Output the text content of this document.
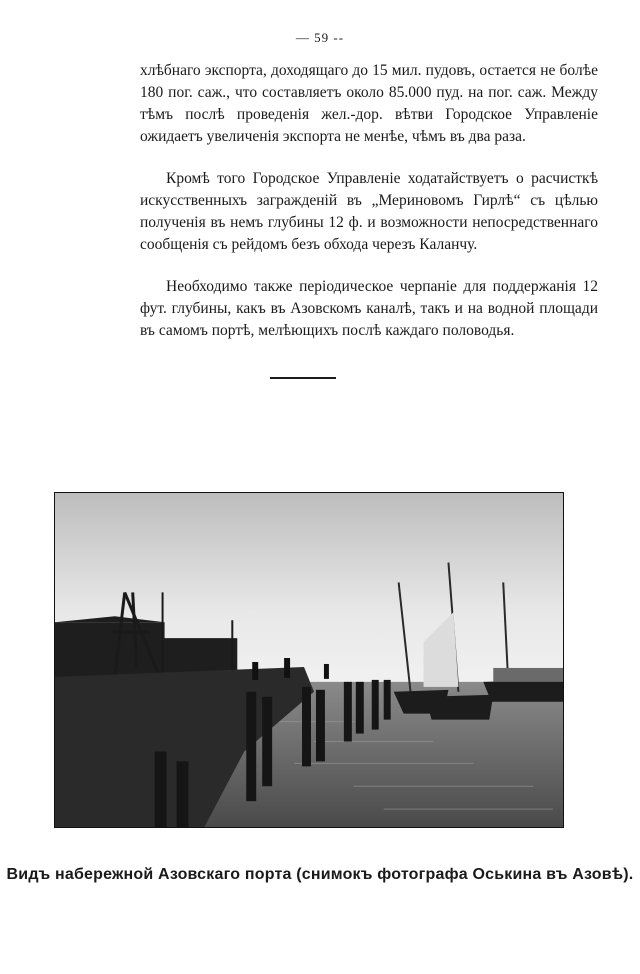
— 59 --

хлѣбнаго экспорта, доходящаго до 15 мил. пудовъ, остается не болѣе 180 пог. саж., что составляетъ около 85.000 пуд. на пог. саж. Между тѣмъ послѣ проведенія жел.-дор. вѣтви Городское Управленіе ожидаетъ увеличенія экспорта не менѣе, чѣмъ въ два раза.

Кромѣ того Городское Управленіе ходатайствуетъ о расчисткѣ искусственныхъ загражденій въ „Мериновомъ Гирлѣ“ съ цѣлью полученія въ немъ глубины 12 ф. и возможности непосредственнаго сообщенія съ рейдомъ безъ обхода черезъ Каланчу.

Необходимо также періодическое черпаніе для поддержанія 12 фут. глубины, какъ въ Азовскомъ каналѣ, такъ и на водной площади въ самомъ портѣ, мелѣющихъ послѣ каждаго половодья.

Видъ набережной Азовскаго порта (снимокъ фотографа Оськина въ Азовѣ).
